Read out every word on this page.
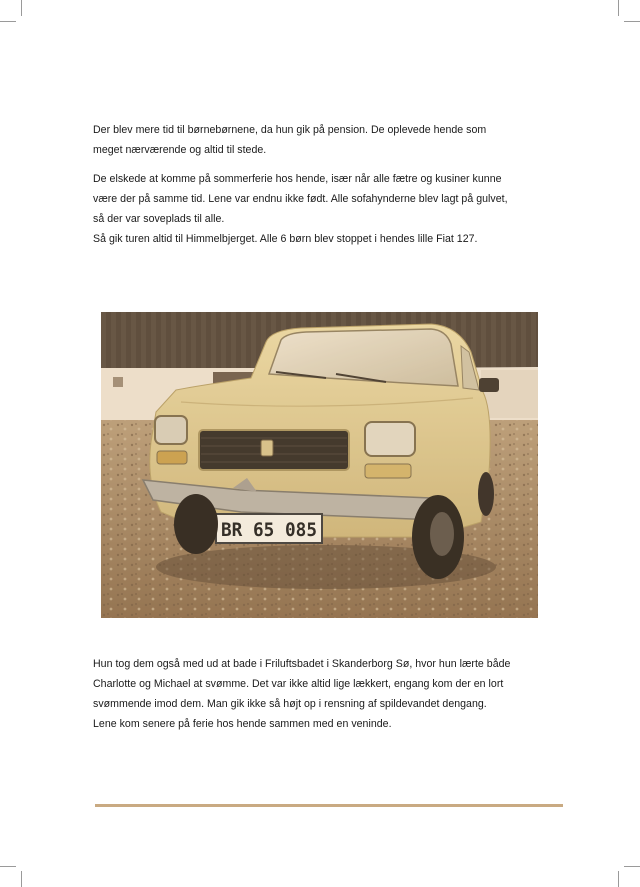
Der blev mere tid til børnebørnene, da hun gik på pension. De oplevede hende som
meget nærværende og altid til stede.

De elskede at komme på sommerferie hos hende, især når alle fætre og kusiner kunne
være der på samme tid. Lene var endnu ikke født. Alle sofahynderne blev lagt på gulvet,
så der var soveplads til alle.
Så gik turen altid til Himmelbjerget. Alle 6 børn blev stoppet i hendes lille Fiat 127.

BR 65 085

Hun tog dem også med ud at bade i Friluftsbadet i Skanderborg Sø, hvor hun lærte både
Charlotte og Michael at svømme. Det var ikke altid lige lækkert, engang kom der en lort
svømmende imod dem. Man gik ikke så højt op i rensning af spildevandet dengang.
Lene kom senere på ferie hos hende sammen med en veninde.
